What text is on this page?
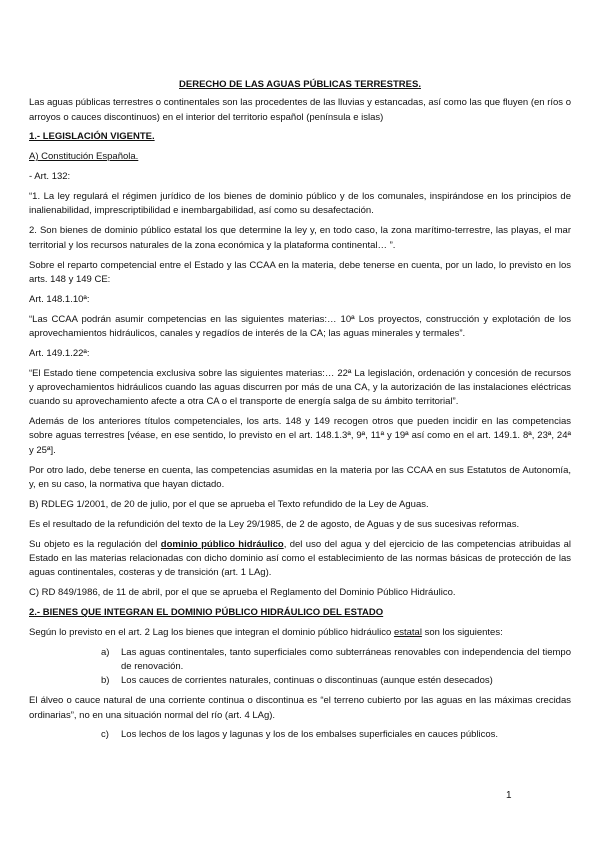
DERECHO DE LAS AGUAS PÚBLICAS TERRESTRES.

Las aguas públicas terrestres o continentales son las procedentes de las lluvias y estancadas, así como las que fluyen (en ríos o arroyos o cauces discontinuos) en el interior del territorio español (península e islas)

1.- LEGISLACIÓN VIGENTE.

A) Constitución Española.

- Art. 132:

“1. La ley regulará el régimen jurídico de los bienes de dominio público y de los comunales, inspirándose en los principios de inalienabilidad, imprescriptibilidad e inembargabilidad, así como su desafectación.

2. Son bienes de dominio público estatal los que determine la ley y, en todo caso, la zona marítimo-terrestre, las playas, el mar territorial y los recursos naturales de la zona económica y la plataforma continental… ”.

Sobre el reparto competencial entre el Estado y las CCAA en la materia, debe tenerse en cuenta, por un lado, lo previsto en los arts. 148 y 149 CE:

Art. 148.1.10ª:

“Las CCAA podrán asumir competencias en las siguientes materias:… 10ª Los proyectos, construcción y explotación de los aprovechamientos hidráulicos, canales y regadíos de interés de la CA; las aguas minerales y termales”.

Art. 149.1.22ª:

“El Estado tiene competencia exclusiva sobre las siguientes materias:… 22ª La legislación, ordenación y concesión de recursos y aprovechamientos hidráulicos cuando las aguas discurren por más de una CA, y la autorización de las instalaciones eléctricas cuando su aprovechamiento afecte a otra CA o el transporte de energía salga de su ámbito territorial”.

Además de los anteriores títulos competenciales, los arts. 148 y 149 recogen otros que pueden incidir en las competencias sobre aguas terrestres [véase, en ese sentido, lo previsto en el art. 148.1.3ª, 9ª, 11ª y 19ª así como en el art. 149.1. 8ª, 23ª, 24ª y 25ª].

Por otro lado, debe tenerse en cuenta, las competencias asumidas en la materia por las CCAA en sus Estatutos de Autonomía, y, en su caso, la normativa que hayan dictado.

B) RDLEG 1/2001, de 20 de julio, por el que se aprueba el Texto refundido de la Ley de Aguas.

Es el resultado de la refundición del texto de la Ley 29/1985, de 2 de agosto, de Aguas y de sus sucesivas reformas.

Su objeto es la regulación del dominio público hidráulico, del uso del agua y del ejercicio de las competencias atribuidas al Estado en las materias relacionadas con dicho dominio así como el establecimiento de las normas básicas de protección de las aguas continentales, costeras y de transición (art. 1 LAg).

C) RD 849/1986, de 11 de abril, por el que se aprueba el Reglamento del Dominio Público Hidráulico.

2.- BIENES QUE INTEGRAN EL DOMINIO PÚBLICO HIDRÁULICO DEL ESTADO

Según lo previsto en el art. 2 Lag los bienes que integran el dominio público hidráulico estatal son los siguientes:

a)	Las aguas continentales, tanto superficiales como subterráneas renovables con independencia del tiempo de renovación.

b)	Los cauces de corrientes naturales, continuas o discontinuas (aunque estén desecados)

El álveo o cauce natural de una corriente continua o discontinua es “el terreno cubierto por las aguas en las máximas crecidas ordinarias”, no en una situación normal del río (art. 4 LAg).

c)	Los lechos de los lagos y lagunas y los de los embalses superficiales en cauces públicos.

1
